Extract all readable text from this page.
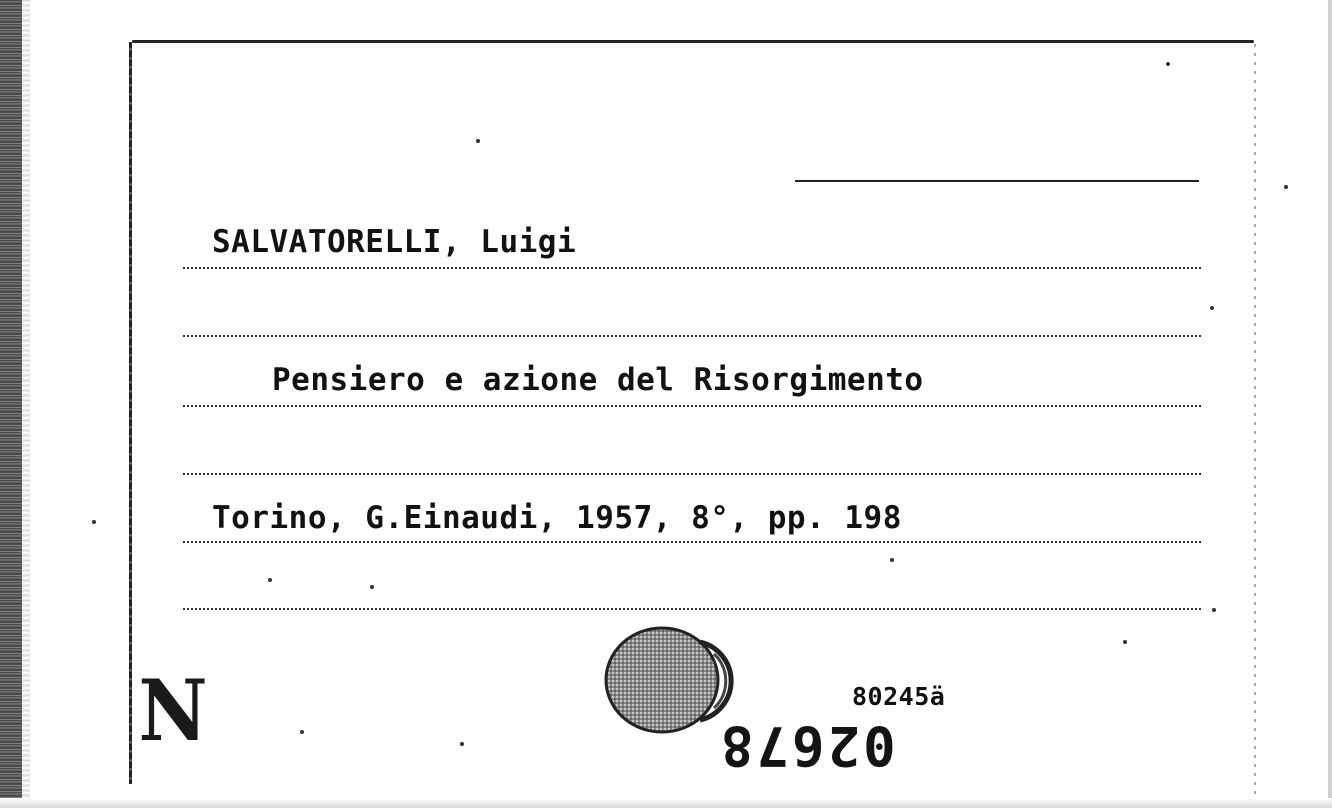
SALVATORELLI, Luigi
Pensiero e azione del Risorgimento
Torino, G.Einaudi, 1957, 8°, pp. 198
N	80245ä
02678
